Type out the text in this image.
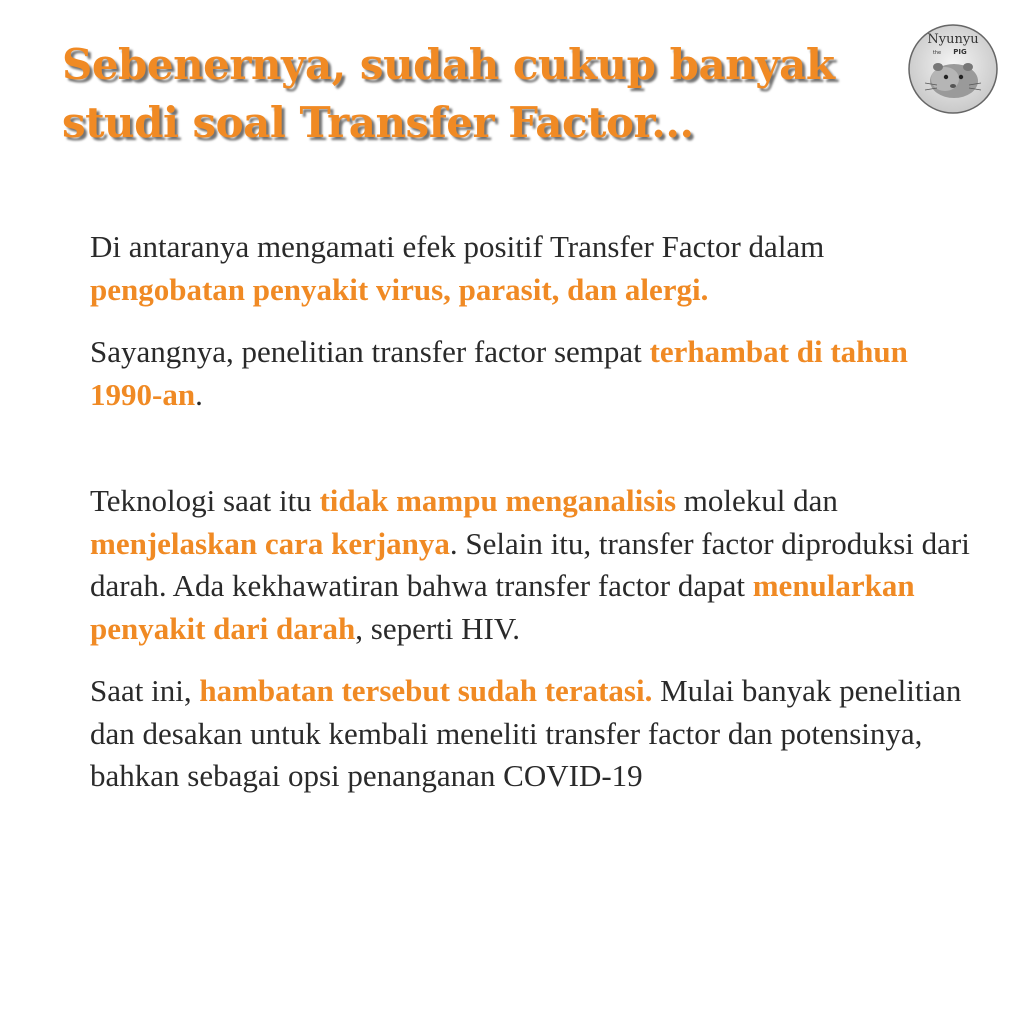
Sebenernya, sudah cukup banyak
studi soal Transfer Factor...
Nyunyu
the PIG

Di antaranya mengamati efek positif Transfer Factor dalam pengobatan penyakit virus, parasit, dan alergi.

Sayangnya, penelitian transfer factor sempat terhambat di tahun 1990-an.

Teknologi saat itu tidak mampu menganalisis molekul dan menjelaskan cara kerjanya. Selain itu, transfer factor diproduksi dari darah. Ada kekhawatiran bahwa transfer factor dapat menularkan penyakit dari darah, seperti HIV.

Saat ini, hambatan tersebut sudah teratasi. Mulai banyak penelitian dan desakan untuk kembali meneliti transfer factor dan potensinya, bahkan sebagai opsi penanganan COVID-19
